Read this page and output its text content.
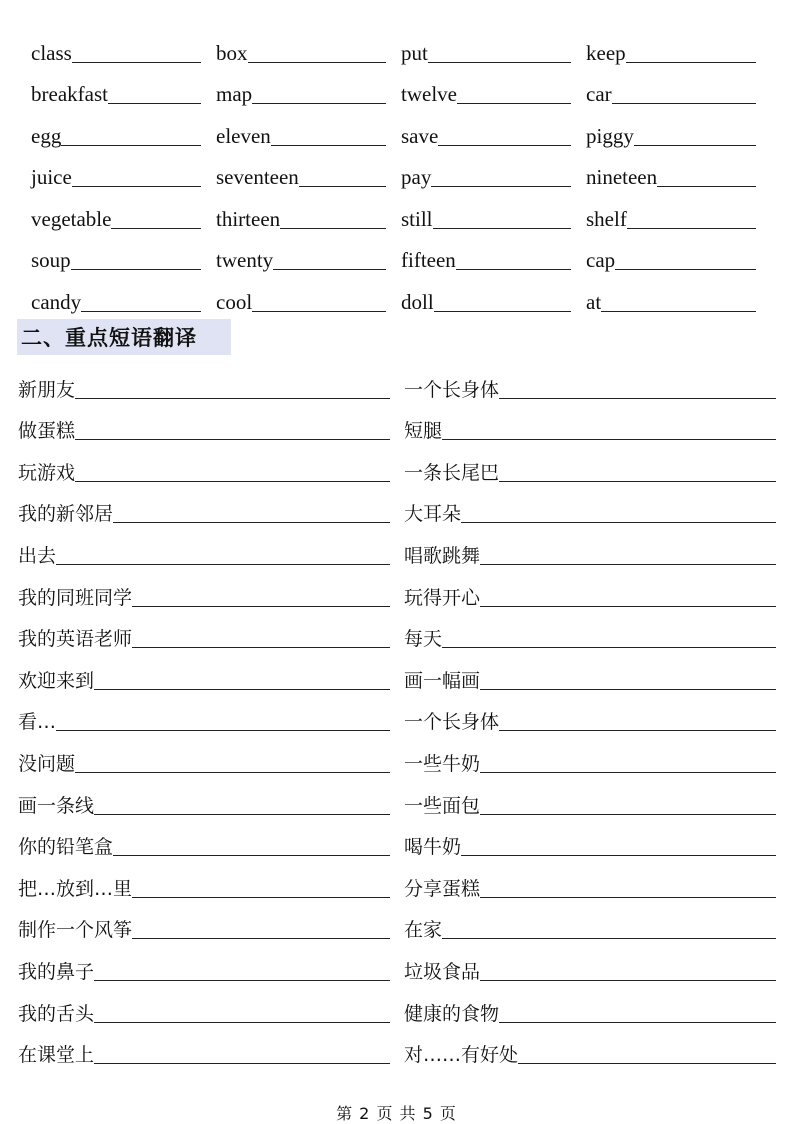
class	box	put	keep
breakfast	map	twelve	car
egg	eleven	save	piggy
juice	seventeen	pay	nineteen
vegetable	thirteen	still	shelf
soup	twenty	fifteen	cap
candy	cool	doll	at
二、重点短语翻译
新朋友	一个长身体
做蛋糕	短腿
玩游戏	一条长尾巴
我的新邻居	大耳朵
出去	唱歌跳舞
我的同班同学	玩得开心
我的英语老师	每天
欢迎来到	画一幅画
看…	一个长身体
没问题	一些牛奶
画一条线	一些面包
你的铅笔盒	喝牛奶
把…放到…里	分享蛋糕
制作一个风筝	在家
我的鼻子	垃圾食品
我的舌头	健康的食物
在课堂上	对……有好处
第 2 页 共 5 页
